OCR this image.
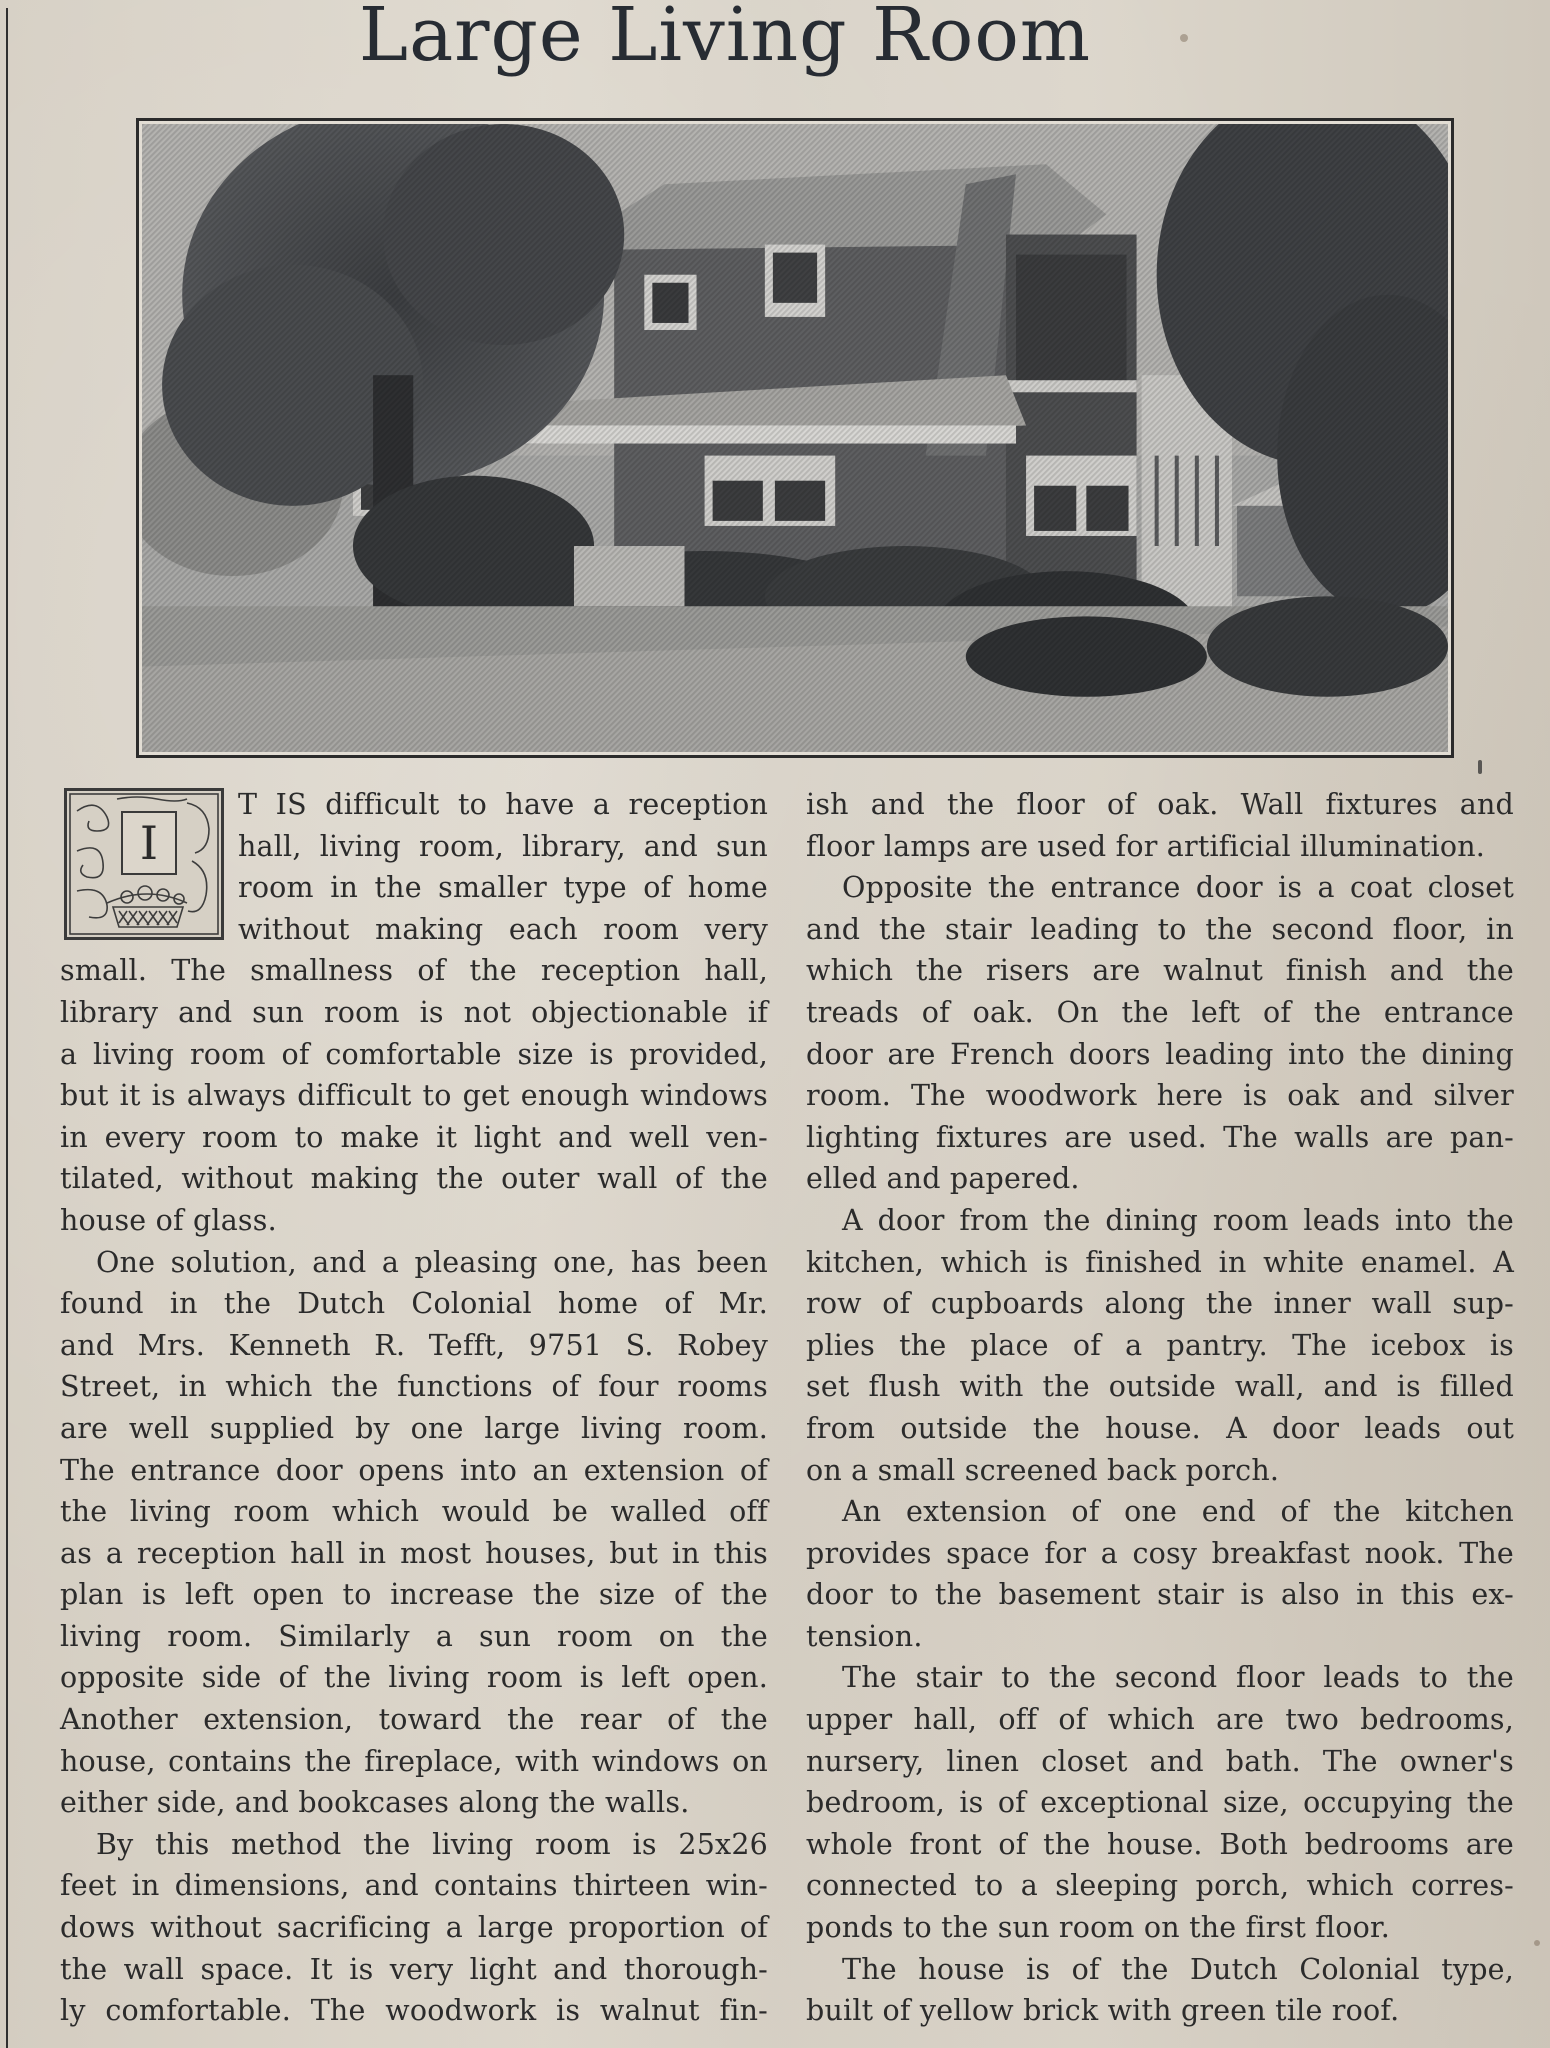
Large Living Room
I
T IS difficult to have a reception
hall, living room, library, and sun
room in the smaller type of home
without making each room very
small. The smallness of the reception hall,
library and sun room is not objectionable if
a living room of comfortable size is provided,
but it is always difficult to get enough windows
in every room to make it light and well ven-
tilated, without making the outer wall of the
house of glass.
One solution, and a pleasing one, has been
found in the Dutch Colonial home of Mr.
and Mrs. Kenneth R. Tefft, 9751 S. Robey
Street, in which the functions of four rooms
are well supplied by one large living room.
The entrance door opens into an extension of
the living room which would be walled off
as a reception hall in most houses, but in this
plan is left open to increase the size of the
living room. Similarly a sun room on the
opposite side of the living room is left open.
Another extension, toward the rear of the
house, contains the fireplace, with windows on
either side, and bookcases along the walls.
By this method the living room is 25x26
feet in dimensions, and contains thirteen win-
dows without sacrificing a large proportion of
the wall space. It is very light and thorough-
ly comfortable. The woodwork is walnut fin-
ish and the floor of oak. Wall fixtures and
floor lamps are used for artificial illumination.
Opposite the entrance door is a coat closet
and the stair leading to the second floor, in
which the risers are walnut finish and the
treads of oak. On the left of the entrance
door are French doors leading into the dining
room. The woodwork here is oak and silver
lighting fixtures are used. The walls are pan-
elled and papered.
A door from the dining room leads into the
kitchen, which is finished in white enamel. A
row of cupboards along the inner wall sup-
plies the place of a pantry. The icebox is
set flush with the outside wall, and is filled
from outside the house. A door leads out
on a small screened back porch.
An extension of one end of the kitchen
provides space for a cosy breakfast nook. The
door to the basement stair is also in this ex-
tension.
The stair to the second floor leads to the
upper hall, off of which are two bedrooms,
nursery, linen closet and bath. The owner's
bedroom, is of exceptional size, occupying the
whole front of the house. Both bedrooms are
connected to a sleeping porch, which corres-
ponds to the sun room on the first floor.
The house is of the Dutch Colonial type,
built of yellow brick with green tile roof.
